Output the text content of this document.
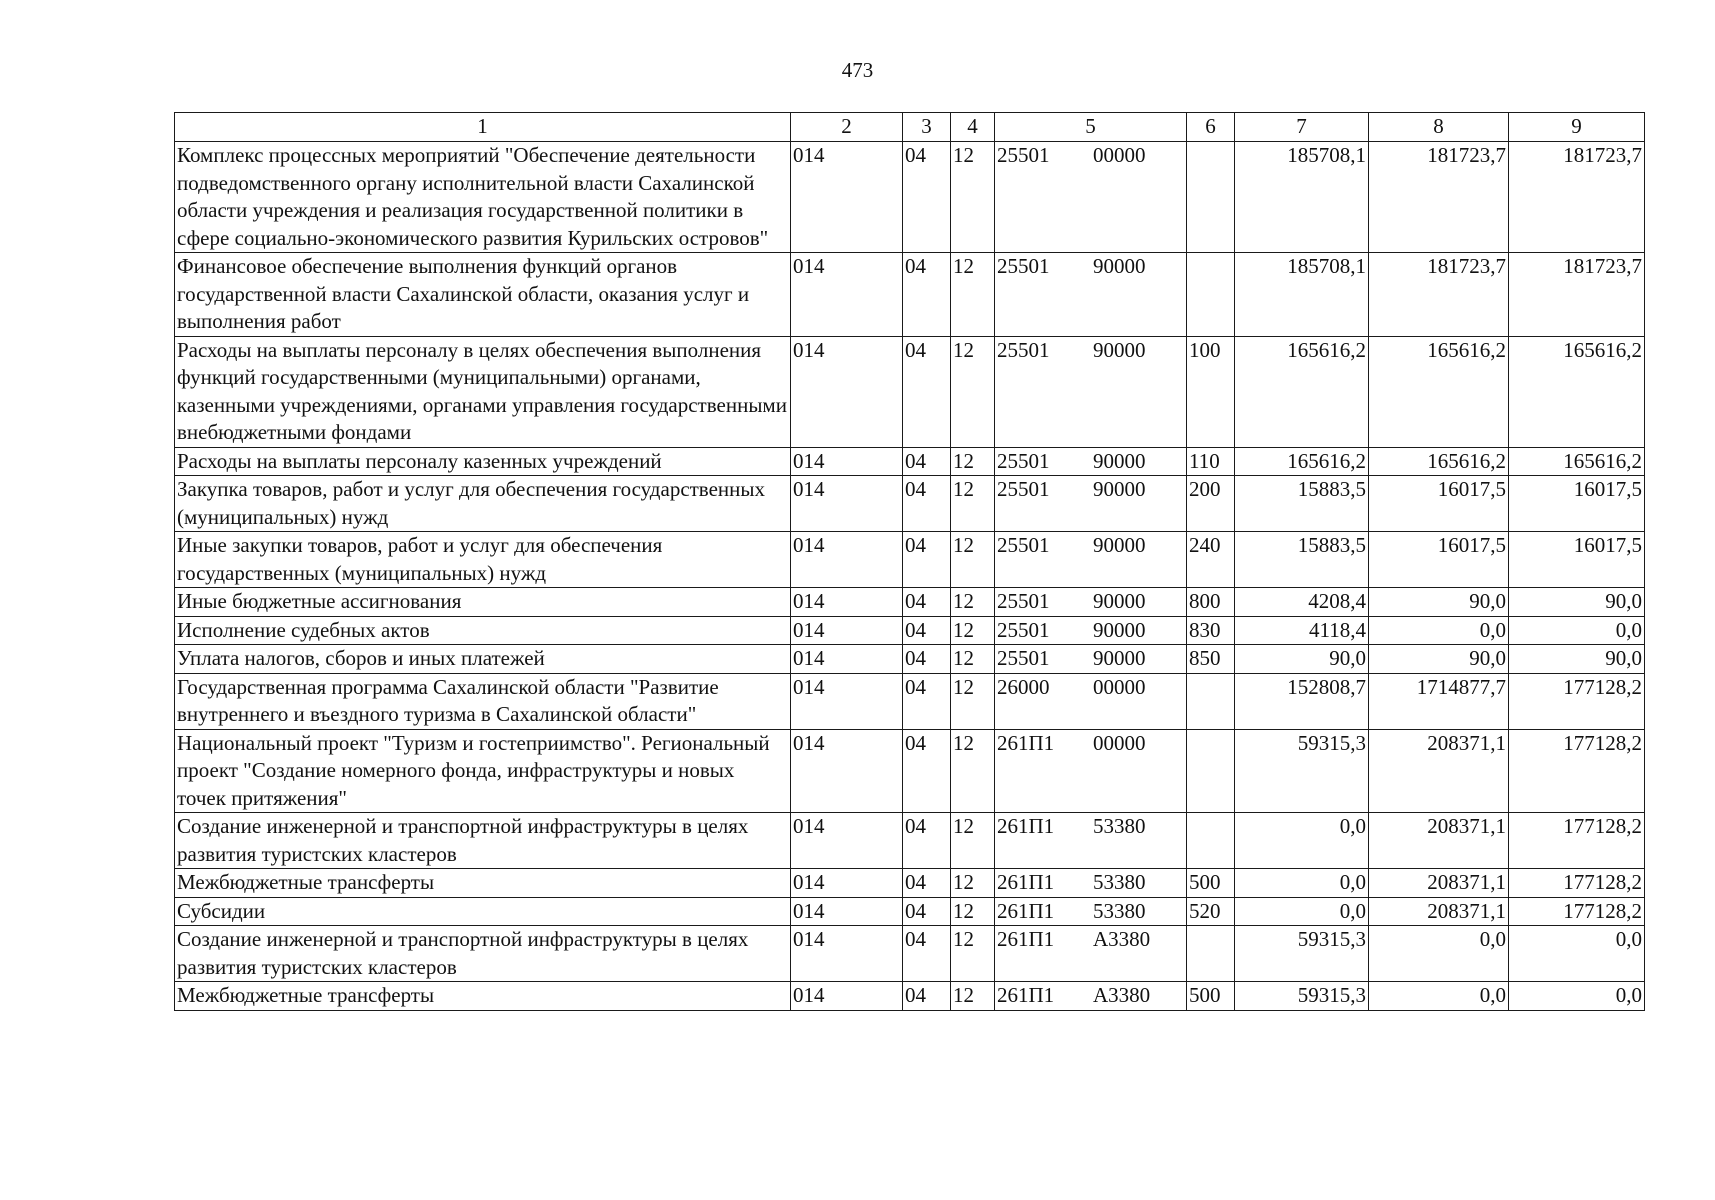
473
1	2	3	4	5	6	7	8	9
Комплекс процессных мероприятий "Обеспечение деятельности подведомственного органу исполнительной власти Сахалинской области учреждения и реализация государственной политики в сфере социально-экономического развития Курильских островов"	014	04	12	25501 00000		185708,1	181723,7	181723,7
Финансовое обеспечение выполнения функций органов государственной власти Сахалинской области, оказания услуг и выполнения работ	014	04	12	25501 90000		185708,1	181723,7	181723,7
Расходы на выплаты персоналу в целях обеспечения выполнения функций государственными (муниципальными) органами, казенными учреждениями, органами управления государственными внебюджетными фондами	014	04	12	25501 90000	100	165616,2	165616,2	165616,2
Расходы на выплаты персоналу казенных учреждений	014	04	12	25501 90000	110	165616,2	165616,2	165616,2
Закупка товаров, работ и услуг для обеспечения государственных (муниципальных) нужд	014	04	12	25501 90000	200	15883,5	16017,5	16017,5
Иные закупки товаров, работ и услуг для обеспечения государственных (муниципальных) нужд	014	04	12	25501 90000	240	15883,5	16017,5	16017,5
Иные бюджетные ассигнования	014	04	12	25501 90000	800	4208,4	90,0	90,0
Исполнение судебных актов	014	04	12	25501 90000	830	4118,4	0,0	0,0
Уплата налогов, сборов и иных платежей	014	04	12	25501 90000	850	90,0	90,0	90,0
Государственная программа Сахалинской области "Развитие внутреннего и въездного туризма в Сахалинской области"	014	04	12	26000 00000		152808,7	1714877,7	177128,2
Национальный проект "Туризм и гостеприимство". Региональный проект "Создание номерного фонда, инфраструктуры и новых точек притяжения"	014	04	12	261П1 00000		59315,3	208371,1	177128,2
Создание инженерной и транспортной инфраструктуры в целях развития туристских кластеров	014	04	12	261П1 53380		0,0	208371,1	177128,2
Межбюджетные трансферты	014	04	12	261П1 53380	500	0,0	208371,1	177128,2
Субсидии	014	04	12	261П1 53380	520	0,0	208371,1	177128,2
Создание инженерной и транспортной инфраструктуры в целях развития туристских кластеров	014	04	12	261П1 А3380		59315,3	0,0	0,0
Межбюджетные трансферты	014	04	12	261П1 А3380	500	59315,3	0,0	0,0
